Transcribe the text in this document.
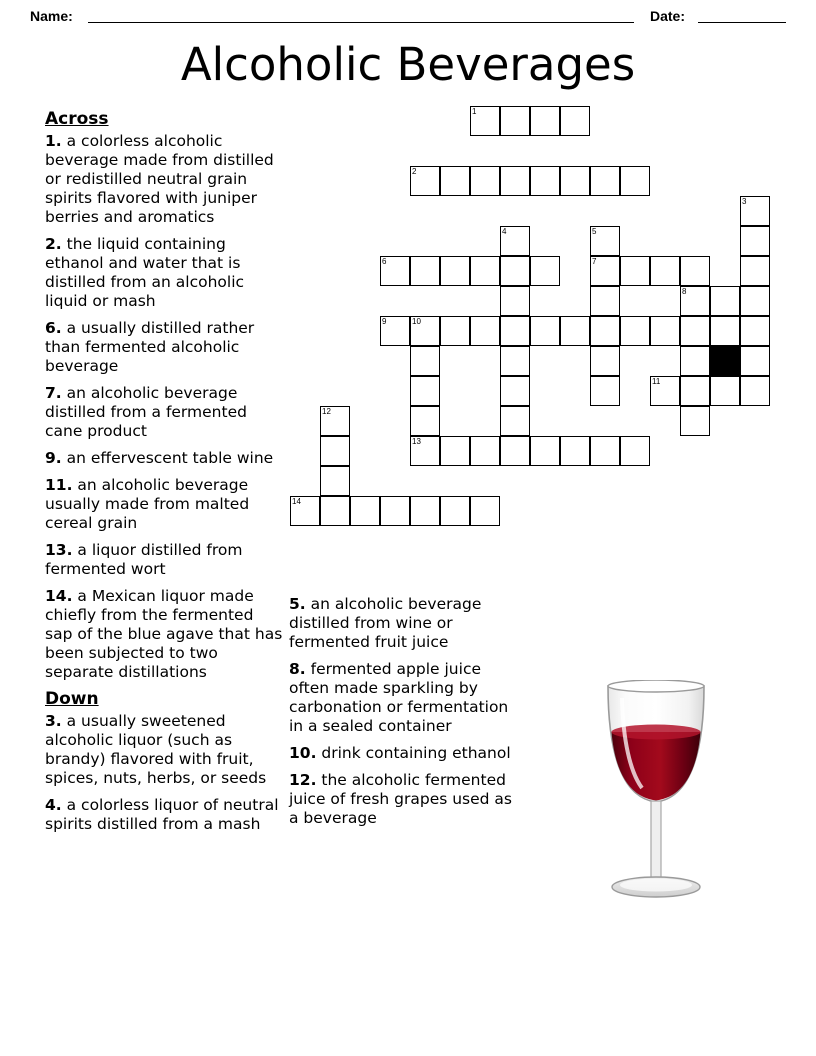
Name:	Date:
Alcoholic Beverages
Across
1. a colorless alcoholic beverage made from distilled or redistilled neutral grain spirits flavored with juniper berries and aromatics
2. the liquid containing ethanol and water that is distilled from an alcoholic liquid or mash
6. a usually distilled rather than fermented alcoholic beverage
7. an alcoholic beverage distilled from a fermented cane product
9. an effervescent table wine
11. an alcoholic beverage usually made from malted cereal grain
13. a liquor distilled from fermented wort
14. a Mexican liquor made chiefly from the fermented sap of the blue agave that has been subjected to two separate distillations
Down
3. a usually sweetened alcoholic liquor (such as brandy) flavored with fruit, spices, nuts, herbs, or seeds
4. a colorless liquor of neutral spirits distilled from a mash
5. an alcoholic beverage distilled from wine or fermented fruit juice
8. fermented apple juice often made sparkling by carbonation or fermentation in a sealed container
10. drink containing ethanol
12. the alcoholic fermented juice of fresh grapes used as a beverage
1
2
3
4	5
6	7
8
9	10
11
12
13
14
